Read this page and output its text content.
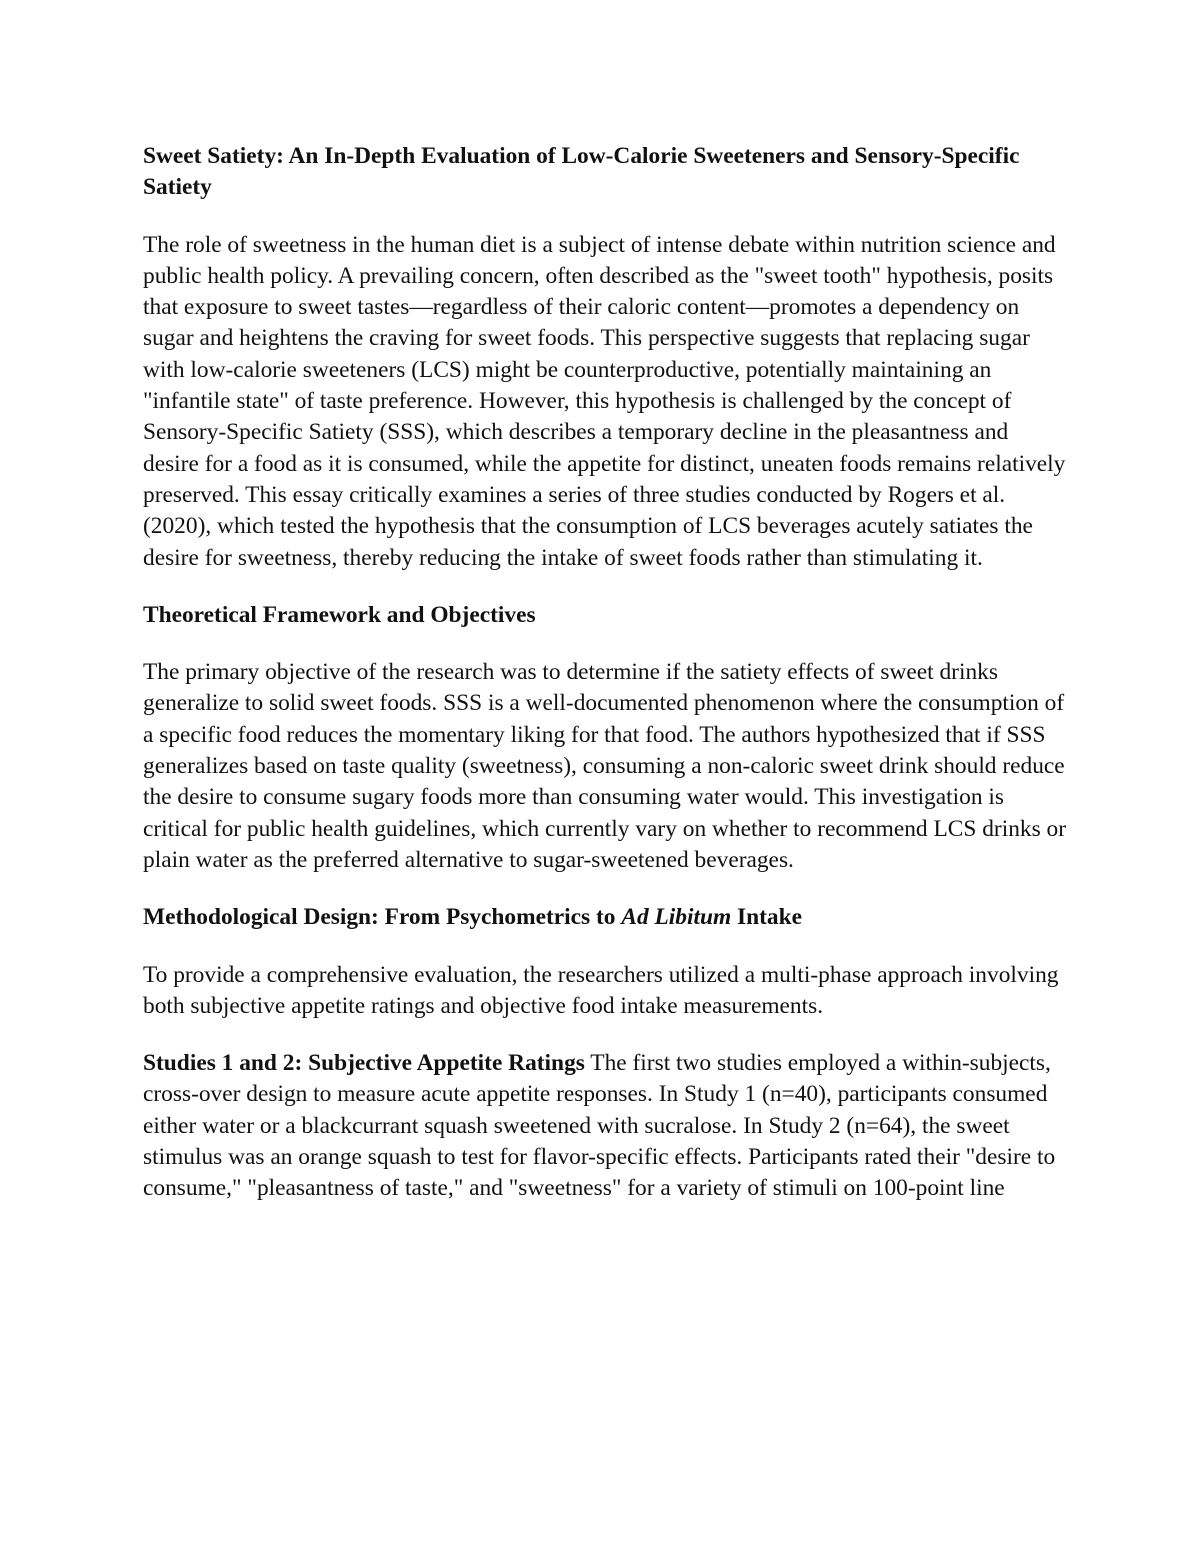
Sweet Satiety: An In-Depth Evaluation of Low-Calorie Sweeteners and Sensory-Specific Satiety

The role of sweetness in the human diet is a subject of intense debate within nutrition science and public health policy. A prevailing concern, often described as the "sweet tooth" hypothesis, posits that exposure to sweet tastes—regardless of their caloric content—promotes a dependency on sugar and heightens the craving for sweet foods. This perspective suggests that replacing sugar with low-calorie sweeteners (LCS) might be counterproductive, potentially maintaining an "infantile state" of taste preference. However, this hypothesis is challenged by the concept of Sensory-Specific Satiety (SSS), which describes a temporary decline in the pleasantness and desire for a food as it is consumed, while the appetite for distinct, uneaten foods remains relatively preserved. This essay critically examines a series of three studies conducted by Rogers et al. (2020), which tested the hypothesis that the consumption of LCS beverages acutely satiates the desire for sweetness, thereby reducing the intake of sweet foods rather than stimulating it.

Theoretical Framework and Objectives

The primary objective of the research was to determine if the satiety effects of sweet drinks generalize to solid sweet foods. SSS is a well-documented phenomenon where the consumption of a specific food reduces the momentary liking for that food. The authors hypothesized that if SSS generalizes based on taste quality (sweetness), consuming a non-caloric sweet drink should reduce the desire to consume sugary foods more than consuming water would. This investigation is critical for public health guidelines, which currently vary on whether to recommend LCS drinks or plain water as the preferred alternative to sugar-sweetened beverages.

Methodological Design: From Psychometrics to Ad Libitum Intake

To provide a comprehensive evaluation, the researchers utilized a multi-phase approach involving both subjective appetite ratings and objective food intake measurements.

Studies 1 and 2: Subjective Appetite Ratings The first two studies employed a within-subjects, cross-over design to measure acute appetite responses. In Study 1 (n=40), participants consumed either water or a blackcurrant squash sweetened with sucralose. In Study 2 (n=64), the sweet stimulus was an orange squash to test for flavor-specific effects. Participants rated their "desire to consume," "pleasantness of taste," and "sweetness" for a variety of stimuli on 100-point line
